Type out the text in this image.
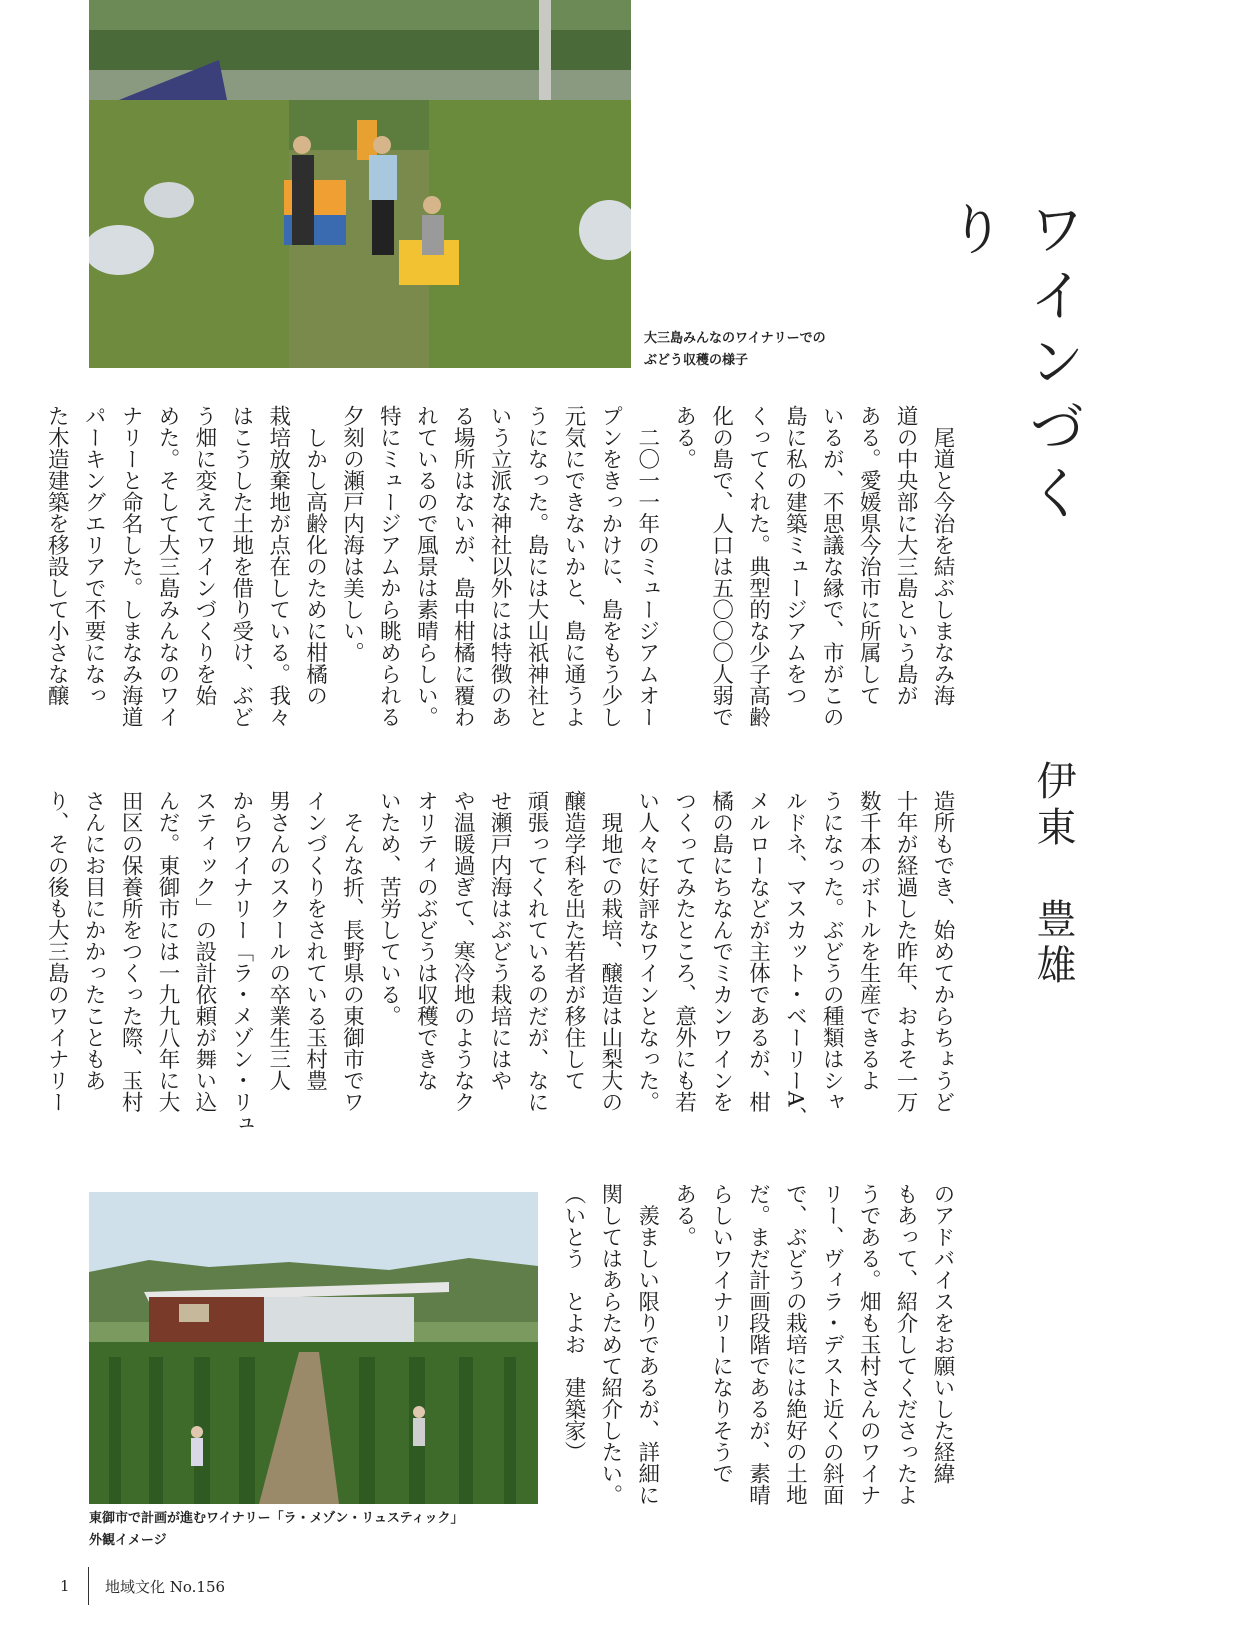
大三島みんなのワイナリーでの
ぶどう収穫の様子	ワインづくり
伊東　豊雄

　尾道と今治を結ぶしまなみ海
道の中央部に大三島という島が
ある。愛媛県今治市に所属して
いるが、不思議な縁で、市がこの
島に私の建築ミュージアムをつ
くってくれた。典型的な少子高齢
化の島で、人口は五〇〇〇人弱で
ある。
　二〇一一年のミュージアムオー
プンをきっかけに、島をもう少し
元気にできないかと、島に通うよ
うになった。島には大山祇神社と
いう立派な神社以外には特徴のあ
る場所はないが、島中柑橘に覆わ
れているので風景は素晴らしい。
特にミュージアムから眺められる
夕刻の瀬戸内海は美しい。
　しかし高齢化のために柑橘の
栽培放棄地が点在している。我々
はこうした土地を借り受け、ぶど
う畑に変えてワインづくりを始
めた。そして大三島みんなのワイ
ナリーと命名した。しまなみ海道
パーキングエリアで不要になっ
た木造建築を移設して小さな醸

造所もでき、始めてからちょうど
十年が経過した昨年、およそ一万
数千本のボトルを生産できるよ
うになった。ぶどうの種類はシャ
ルドネ、マスカット・ベーリーA、
メルローなどが主体であるが、柑
橘の島にちなんでミカンワインを
つくってみたところ、意外にも若
い人々に好評なワインとなった。
　現地での栽培、醸造は山梨大の
醸造学科を出た若者が移住して
頑張ってくれているのだが、なに
せ瀬戸内海はぶどう栽培にはや
や温暖過ぎて、寒冷地のようなク
オリティのぶどうは収穫できな
いため、苦労している。
　そんな折、長野県の東御市でワ
インづくりをされている玉村豊
男さんのスクールの卒業生三人
からワイナリー「ラ・メゾン・リュ
スティック」の設計依頼が舞い込
んだ。東御市には一九九八年に大
田区の保養所をつくった際、玉村
さんにお目にかかったこともあ
り、その後も大三島のワイナリー

のアドバイスをお願いした経緯
もあって、紹介してくださったよ
うである。畑も玉村さんのワイナ
リー、ヴィラ・デスト近くの斜面
で、ぶどうの栽培には絶好の土地
だ。まだ計画段階であるが、素晴
らしいワイナリーになりそうで
ある。
　羨ましい限りであるが、詳細に
関してはあらためて紹介したい。
（いとう　とよお　建築家）

東御市で計画が進むワイナリー「ラ・メゾン・リュスティック」
外観イメージ
1	地域文化 No.156
